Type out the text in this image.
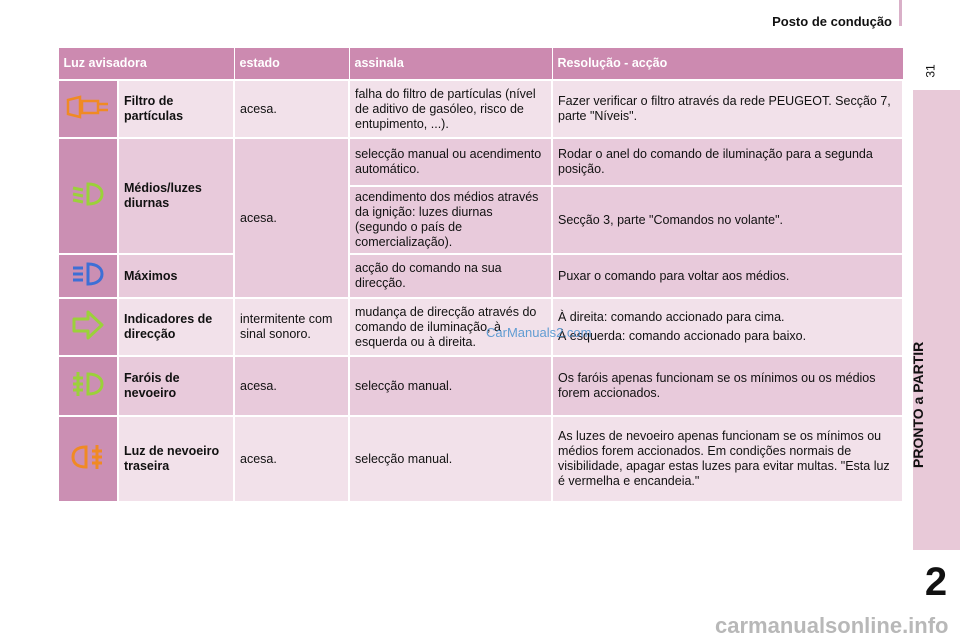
Posto de condução
31
PRONTO a PARTIR
2
Luz avisadora		estado	assinala	Resolução - acção
	Filtro de partículas	acesa.	falha do filtro de partículas (nível de aditivo de gasóleo, risco de entupimento, ...).	Fazer verificar o filtro através da rede PEUGEOT. Secção 7, parte "Níveis".
	Médios/luzes diurnas	acesa.	selecção manual ou acendimento automático.	Rodar o anel do comando de iluminação para a segunda posição.
			acendimento dos médios através da ignição: luzes diurnas (segundo o país de comercialização).	Secção 3, parte "Comandos no volante".
	Máximos		acção do comando na sua direcção.	Puxar o comando para voltar aos médios.
	Indicadores de direcção	intermitente com sinal sonoro.	mudança de direcção através do comando de iluminação, à esquerda ou à direita.	À direita: comando accionado para cima.
À esquerda: comando accionado para baixo.

	Faróis de nevoeiro	acesa.	selecção manual.	Os faróis apenas funcionam se os mínimos ou os médios forem accionados.
	Luz de nevoeiro traseira	acesa.	selecção manual.	As luzes de nevoeiro apenas funcionam se os mínimos ou médios forem accionados. Em condições normais de visibilidade, apagar estas luzes para evitar multas. "Esta luz é vermelha e encandeia."
CarManuals2.com
carmanualsonline.info
